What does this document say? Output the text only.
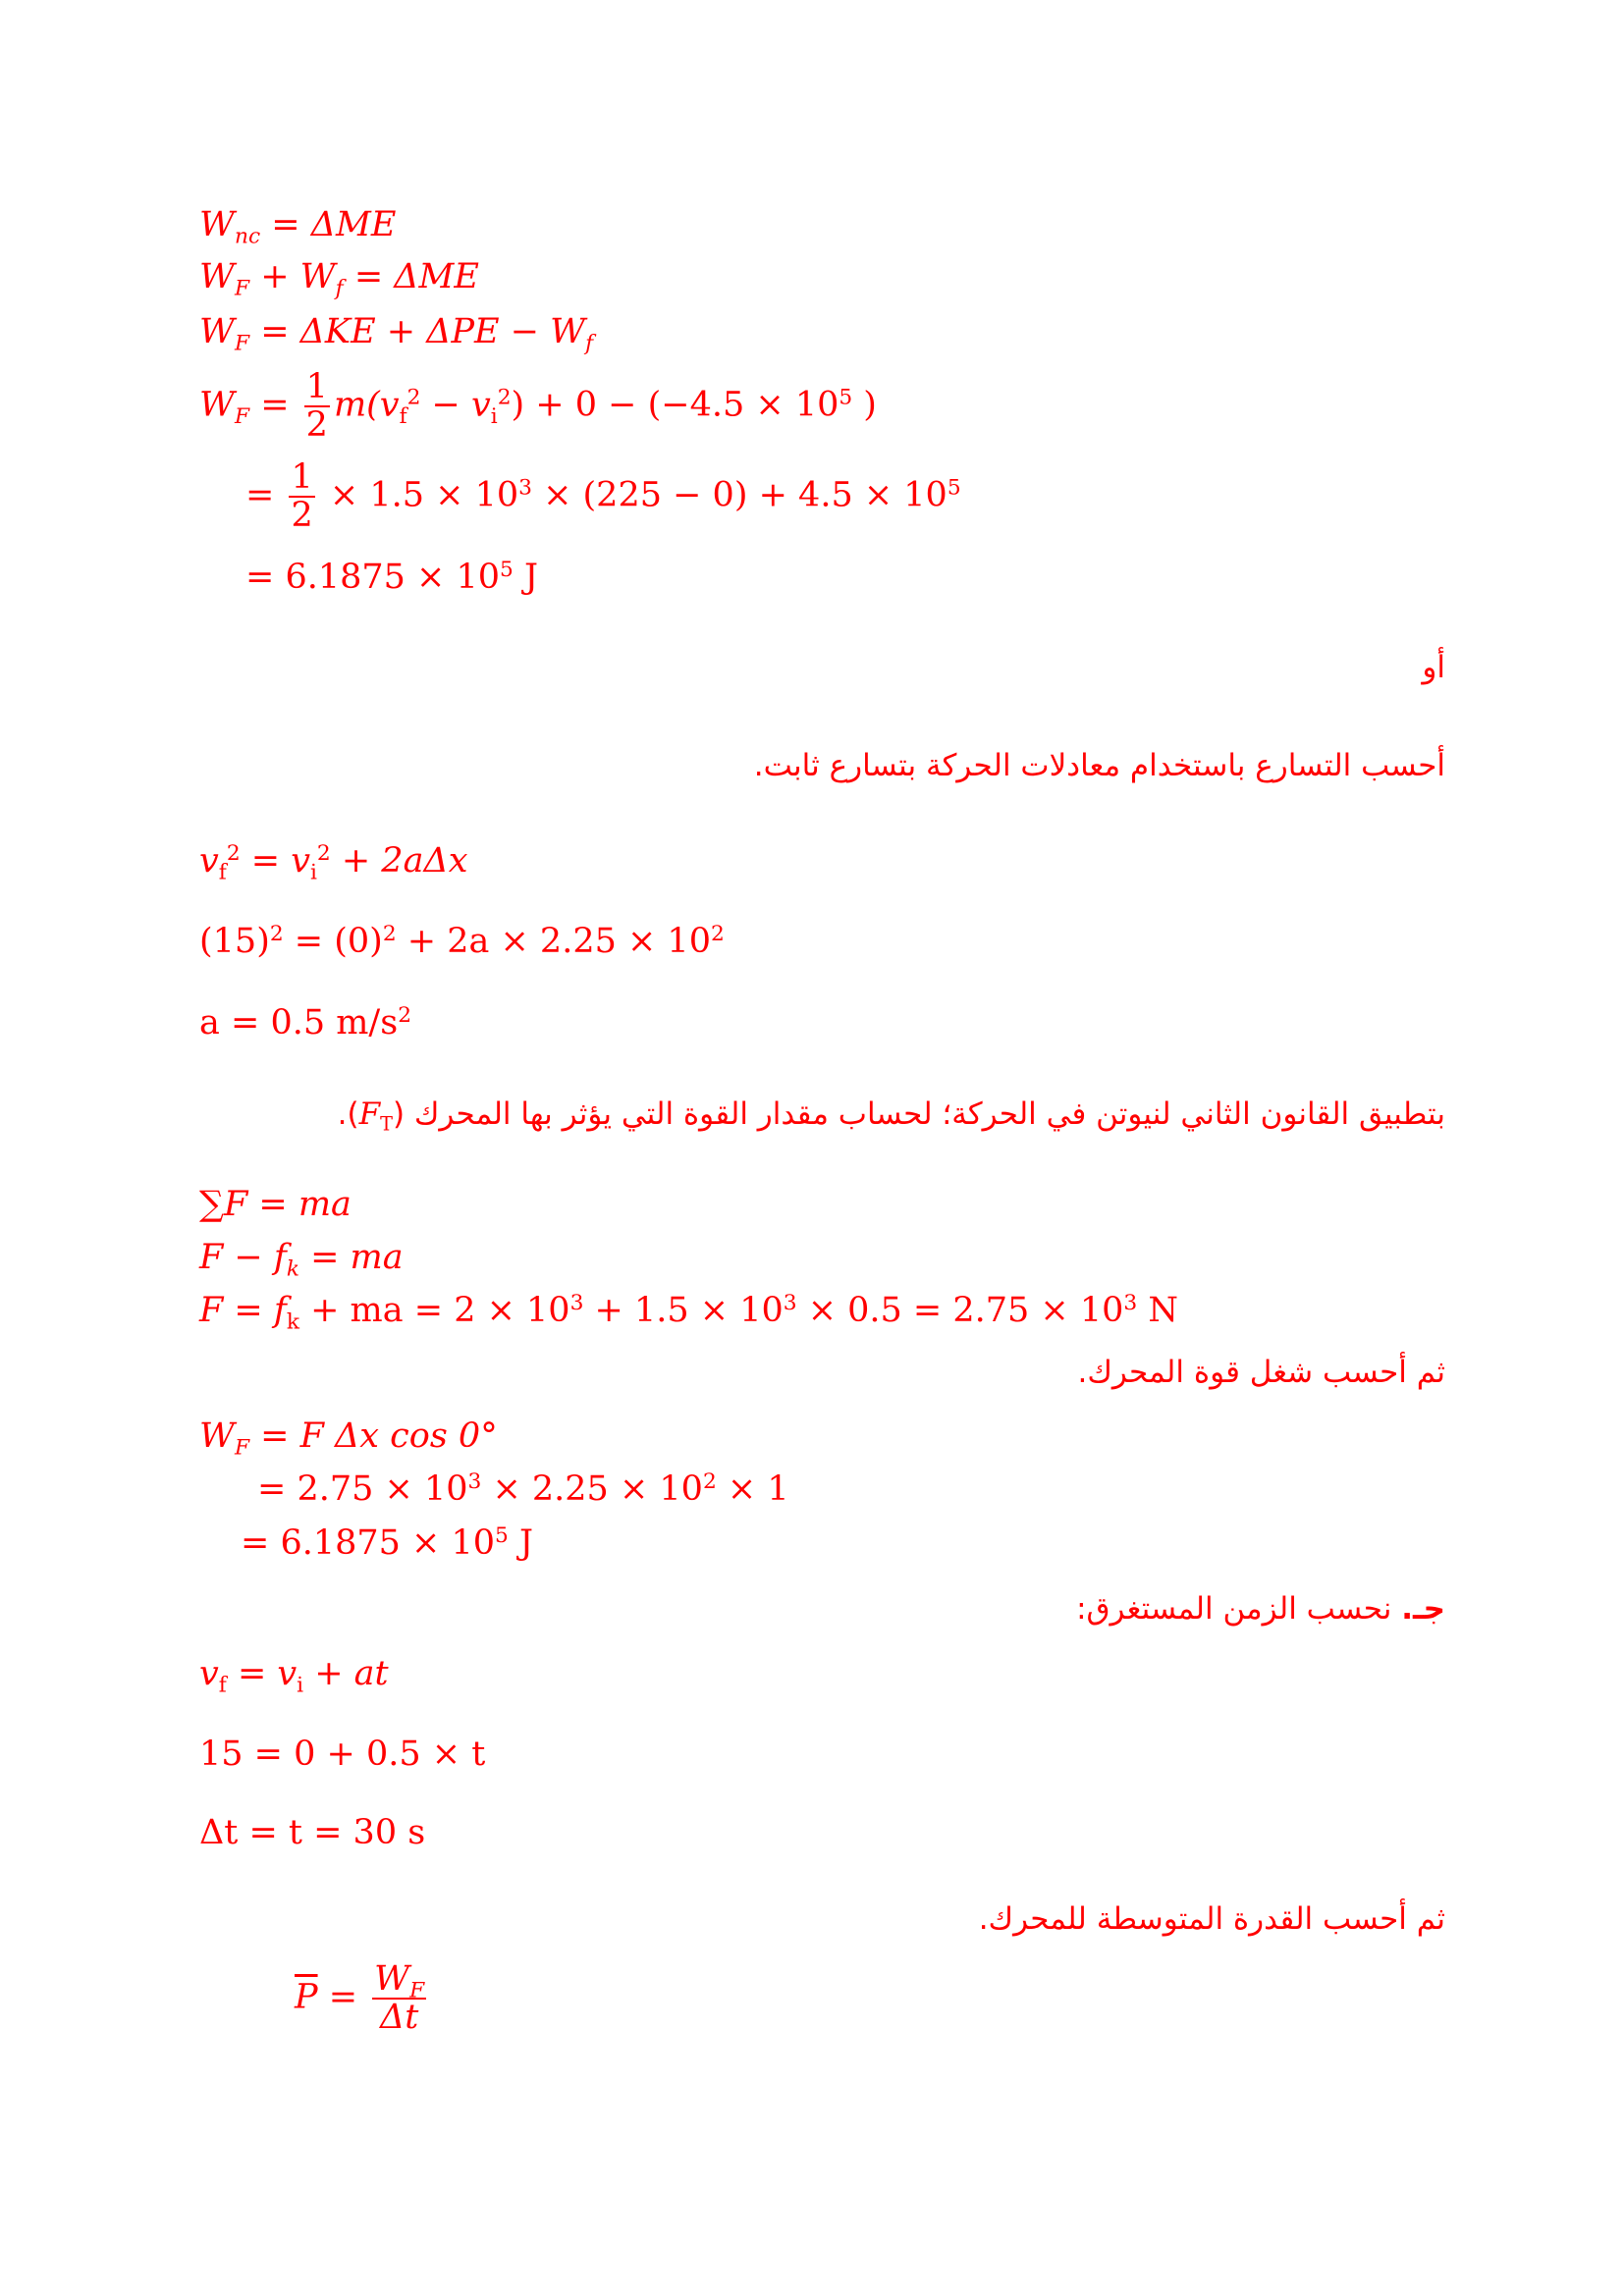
$W_{nc} = \Delta ME$
$W_F + W_f = \Delta ME$
$W_F = \Delta KE + \Delta PE - W_f$
$W_F = \frac{1}{2} m(v_f^2 - v_i^2) + 0 - (-4.5 \times 10^5$ )
= $\frac{1}{2} \times 1.5 \times 10^3 \times (225 - 0) + 4.5 \times 10^5$
= $6.1875 \times 10^5$ J
أو
أحسب التسارع باستخدام معادلات الحركة بتسارع ثابت.
$v_f^2 = v_i^2 + 2a\Delta x$
$(15)^2 = (0)^2 + 2a \times 2.25 \times 10^2$
a = 0.5 $m/s^2$
بتطبيق القانون الثاني لنيوتن في الحركة؛ لحساب مقدار القوة التي يؤثر بها المحرك $(F_T)$.
∑F = ma
$F - f_k$ = ma
$F = f_k$ + ma = $2 \times 10^3 + 1.5 \times 10^3 \times 0.5 = 2.75 \times 10^3$ N
ثم أحسب شغل قوة المحرك.
$W_F = F$ Δx cos 0°
= $2.75 \times 10^3 \times 2.25 \times 10^2 \times 1$
= $6.1875 \times 10^5$ J
جـ. نحسب الزمن المستغرق:
$v_f = v_i$ + at
15 = 0 + 0.5 × t
Δt = t = 30 s
ثم أحسب القدرة المتوسطة للمحرك.
$\overline{P} = \frac{W_F}{\Delta t}$
